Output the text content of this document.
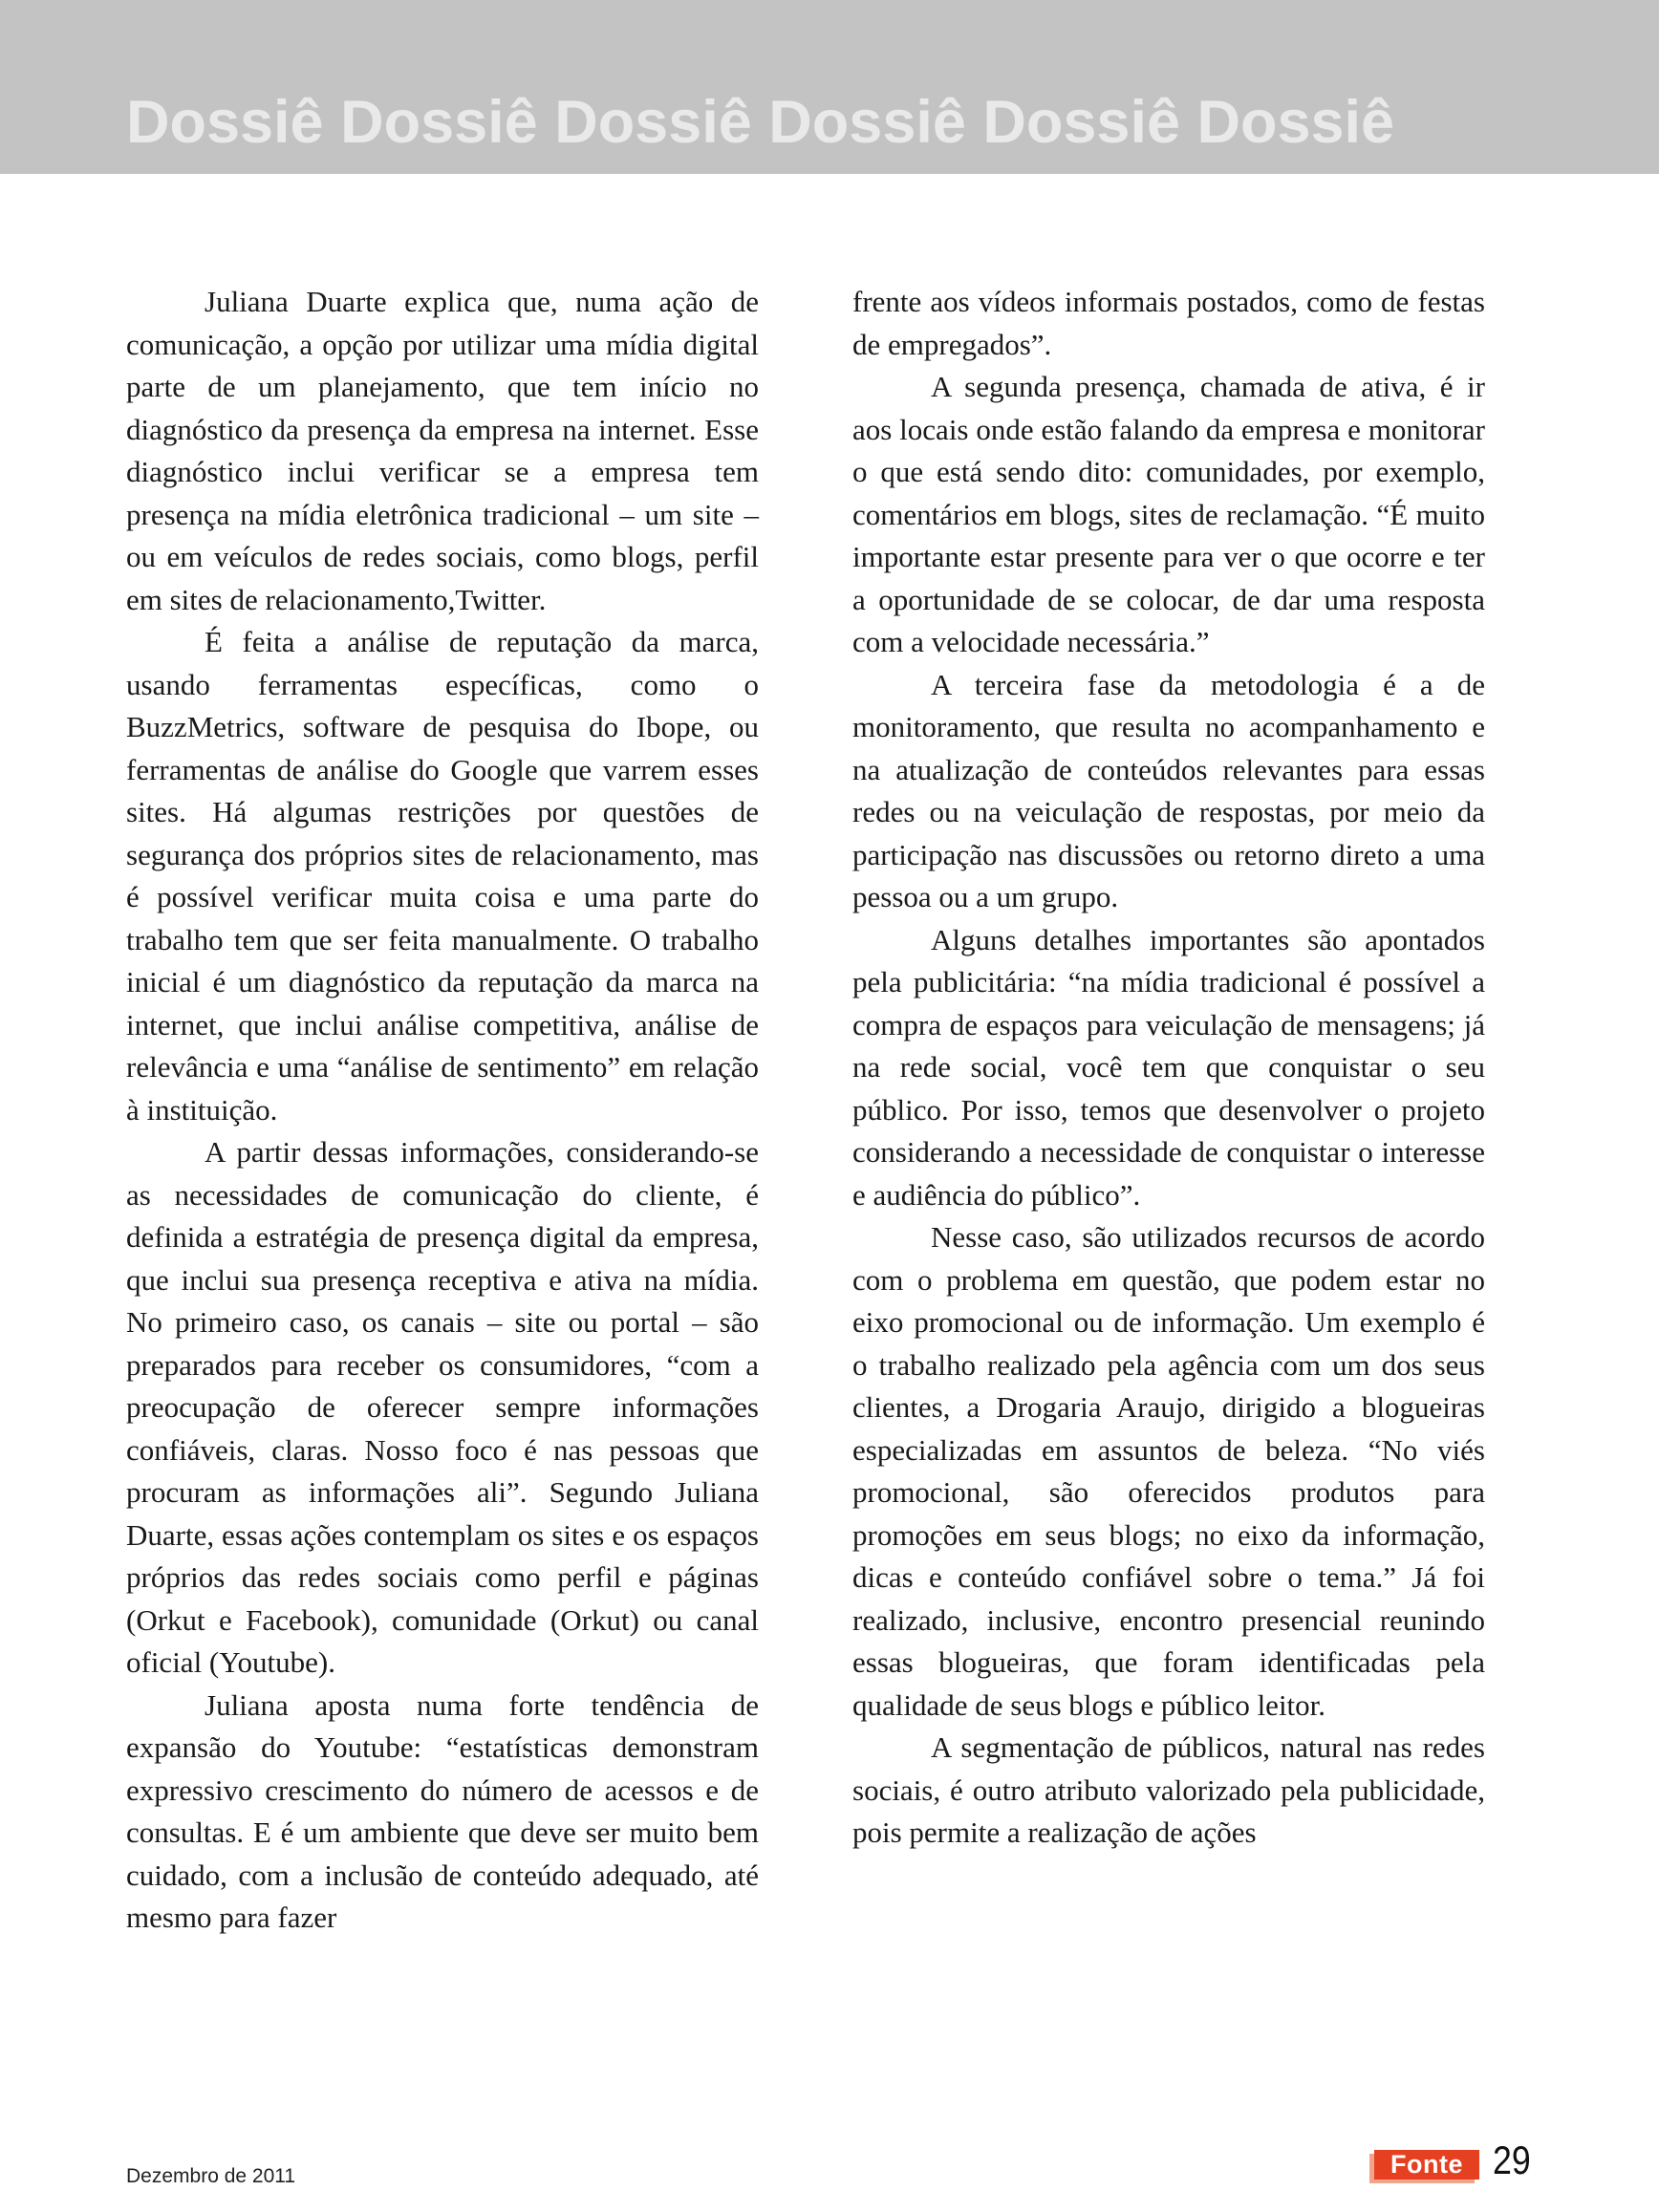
Dossiê Dossiê Dossiê Dossiê Dossiê Dossiê

Juliana Duarte explica que, numa ação de comunicação, a opção por utilizar uma mídia digital parte de um planejamento, que tem início no diagnóstico da presença da empresa na internet. Esse diagnóstico inclui verificar se a empresa tem presença na mídia eletrônica tradicional – um site – ou em veículos de redes sociais, como blogs, perfil em sites de relacionamento,Twitter.

É feita a análise de reputação da marca, usando ferramentas específicas, como o BuzzMetrics, software de pesquisa do Ibope, ou ferramentas de análise do Google que varrem esses sites. Há algumas restrições por questões de segurança dos próprios sites de relacionamento, mas é possível verificar muita coisa e uma parte do trabalho tem que ser feita manualmente. O trabalho inicial é um diagnóstico da reputação da marca na internet, que inclui análise competitiva, análise de relevância e uma “análise de sentimento” em relação à instituição.

A partir dessas informações, considerando-se as necessidades de comunicação do cliente, é definida a estratégia de presença digital da empresa, que inclui sua presença receptiva e ativa na mídia. No primeiro caso, os canais – site ou portal – são preparados para receber os consumidores, “com a preocupação de oferecer sempre informações confiáveis, claras. Nosso foco é nas pessoas que procuram as informações ali”. Segundo Juliana Duarte, essas ações contemplam os sites e os espaços próprios das redes sociais como perfil e páginas (Orkut e Facebook), comunidade (Orkut) ou canal oficial (Youtube).

Juliana aposta numa forte tendência de expansão do Youtube: “estatísticas demonstram expressivo crescimento do número de acessos e de consultas. E é um ambiente que deve ser muito bem cuidado, com a inclusão de conteúdo adequado, até mesmo para fazer

frente aos vídeos informais postados, como de festas de empregados”.

A segunda presença, chamada de ativa, é ir aos locais onde estão falando da empresa e monitorar o que está sendo dito: comunidades, por exemplo, comentários em blogs, sites de reclamação. “É muito importante estar presente para ver o que ocorre e ter a oportunidade de se colocar, de dar uma resposta com a velocidade necessária.”

A terceira fase da metodologia é a de monitoramento, que resulta no acompanhamento e na atualização de conteúdos relevantes para essas redes ou na veiculação de respostas, por meio da participação nas discussões ou retorno direto a uma pessoa ou a um grupo.

Alguns detalhes importantes são apontados pela publicitária: “na mídia tradicional é possível a compra de espaços para veiculação de mensagens; já na rede social, você tem que conquistar o seu público. Por isso, temos que desenvolver o projeto considerando a necessidade de conquistar o interesse e audiência do público”.

Nesse caso, são utilizados recursos de acordo com o problema em questão, que podem estar no eixo promocional ou de informação. Um exemplo é o trabalho realizado pela agência com um dos seus clientes, a Drogaria Araujo, dirigido a blogueiras especializadas em assuntos de beleza. “No viés promocional, são oferecidos produtos para promoções em seus blogs; no eixo da informação, dicas e conteúdo confiável sobre o tema.” Já foi realizado, inclusive, encontro presencial reunindo essas blogueiras, que foram identificadas pela qualidade de seus blogs e público leitor.

A segmentação de públicos, natural nas redes sociais, é outro atributo valorizado pela publicidade, pois permite a realização de ações

Dezembro de 2011	Fonte 29
